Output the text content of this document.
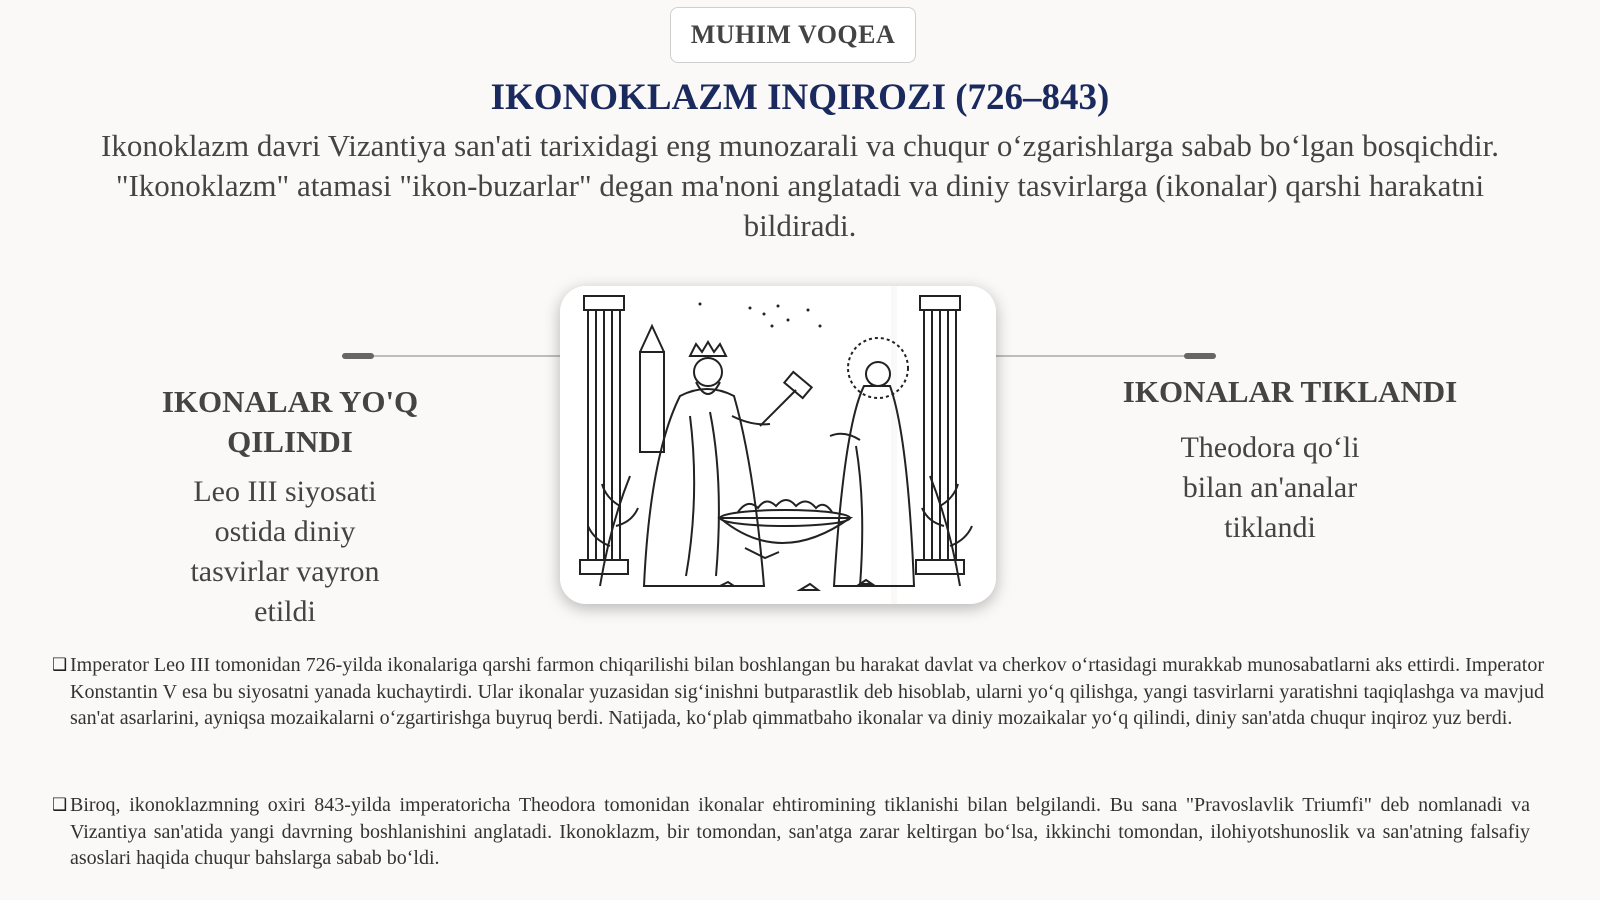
MUHIM VOQEA
IKONOKLAZM INQIROZI (726–843)
Ikonoklazm davri Vizantiya san'ati tarixidagi eng munozarali va chuqur oʻzgarishlarga sabab boʻlgan bosqichdir. "Ikonoklazm" atamasi "ikon-buzarlar" degan ma'noni anglatadi va diniy tasvirlarga (ikonalar) qarshi harakatni bildiradi.
IKONALAR YO'Q QILINDI
Leo III siyosati ostida diniy tasvirlar vayron etildi
IKONALAR TIKLANDI
Theodora qoʻli bilan an'analar tiklandi
❑ Imperator Leo III tomonidan 726-yilda ikonalariga qarshi farmon chiqarilishi bilan boshlangan bu harakat davlat va cherkov oʻrtasidagi murakkab munosabatlarni aks ettirdi. Imperator Konstantin V esa bu siyosatni yanada kuchaytirdi. Ular ikonalar yuzasidan sigʻinishni butparastlik deb hisoblab, ularni yoʻq qilishga, yangi tasvirlarni yaratishni taqiqlashga va mavjud san'at asarlarini, ayniqsa mozaikalarni oʻzgartirishga buyruq berdi. Natijada, koʻplab qimmatbaho ikonalar va diniy mozaikalar yoʻq qilindi, diniy san'atda chuqur inqiroz yuz berdi.
❑ Biroq, ikonoklazmning oxiri 843-yilda imperatoricha Theodora tomonidan ikonalar ehtiromining tiklanishi bilan belgilandi. Bu sana "Pravoslavlik Triumfi" deb nomlanadi va Vizantiya san'atida yangi davrning boshlanishini anglatadi. Ikonoklazm, bir tomondan, san'atga zarar keltirgan boʻlsa, ikkinchi tomondan, ilohiyotshunoslik va san'atning falsafiy asoslari haqida chuqur bahslarga sabab boʻldi.
